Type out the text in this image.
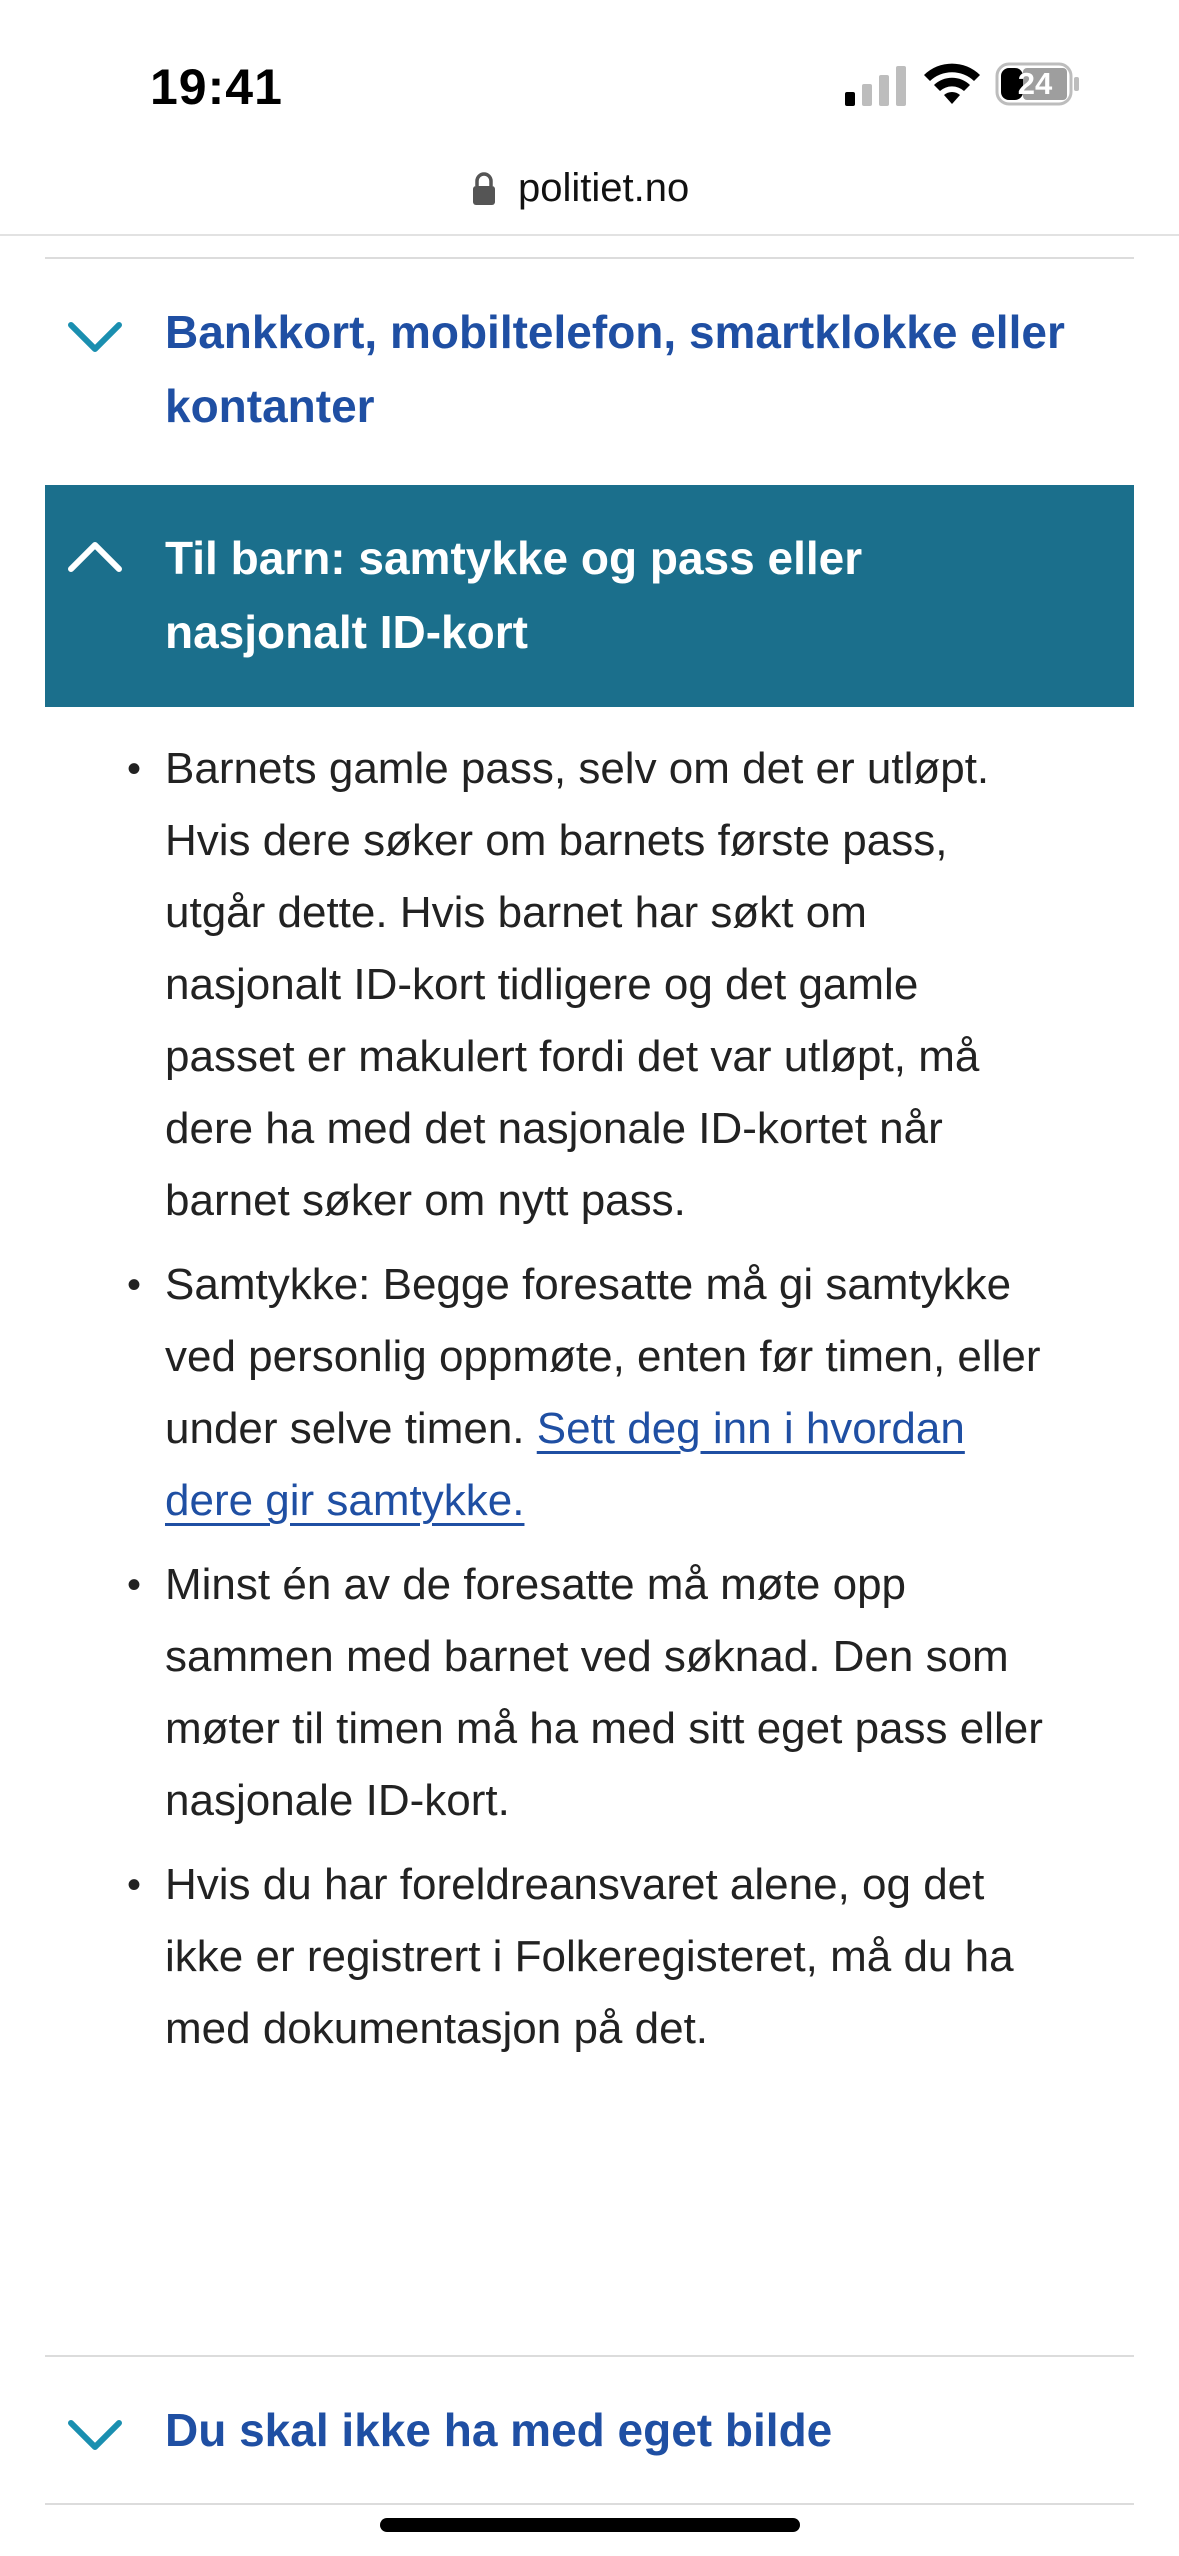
19:41	24
politiet.no
Bankkort, mobiltelefon, smartklokke eller kontanter
Til barn: samtykke og pass eller nasjonalt ID-kort
• Barnets gamle pass, selv om det er utløpt. Hvis dere søker om barnets første pass, utgår dette. Hvis barnet har søkt om nasjonalt ID-kort tidligere og det gamle passet er makulert fordi det var utløpt, må dere ha med det nasjonale ID-kortet når barnet søker om nytt pass.
• Samtykke: Begge foresatte må gi samtykke ved personlig oppmøte, enten før timen, eller under selve timen. Sett deg inn i hvordan dere gir samtykke.
• Minst én av de foresatte må møte opp sammen med barnet ved søknad. Den som møter til timen må ha med sitt eget pass eller nasjonale ID-kort.
• Hvis du har foreldreansvaret alene, og det ikke er registrert i Folkeregisteret, må du ha med dokumentasjon på det.
Du skal ikke ha med eget bilde
